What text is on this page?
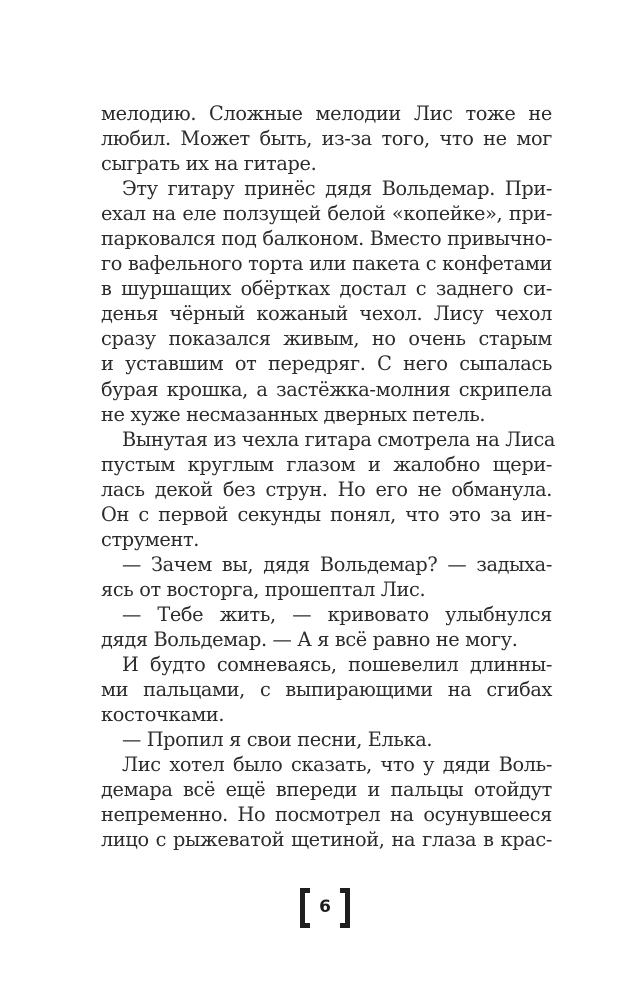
мелодию. Сложные мелодии Лис тоже не
любил. Может быть, из-за того, что не мог
сыграть их на гитаре.
Эту гитару принёс дядя Вольдемар. При-
ехал на еле ползущей белой «копейке», при-
парковался под балконом. Вместо привычно-
го вафельного торта или пакета с конфетами
в шуршащих обёртках достал с заднего си-
денья чёрный кожаный чехол. Лису чехол
сразу показался живым, но очень старым
и уставшим от передряг. С него сыпалась
бурая крошка, а застёжка-молния скрипела
не хуже несмазанных дверных петель.
Вынутая из чехла гитара смотрела на Лиса
пустым круглым глазом и жалобно щери-
лась декой без струн. Но его не обманула.
Он с первой секунды понял, что это за ин-
струмент.
— Зачем вы, дядя Вольдемар? — задыха-
ясь от восторга, прошептал Лис.
— Тебе жить, — кривовато улыбнулся
дядя Вольдемар. — А я всё равно не могу.
И будто сомневаясь, пошевелил длинны-
ми пальцами, с выпирающими на сгибах
косточками.
— Пропил я свои песни, Елька.
Лис хотел было сказать, что у дяди Воль-
демара всё ещё впереди и пальцы отойдут
непременно. Но посмотрел на осунувшееся
лицо с рыжеватой щетиной, на глаза в крас-
6
